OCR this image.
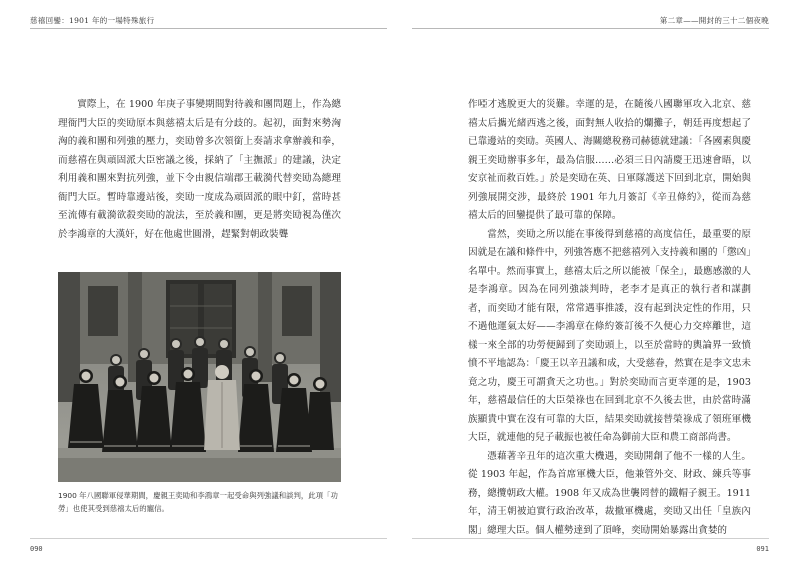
慈禧回鑾：1901 年的一場特殊旅行

實際上，在 1900 年庚子事變期間對待義和團問題上，作為總理衙門大臣的奕劻原本與慈禧太后是有分歧的。起初，面對來勢洶洶的義和團和列強的壓力，奕劻曾多次領銜上奏請求拿辦義和拳，而慈禧在與頑固派大臣密議之後，採納了「主撫派」的建議，決定利用義和團來對抗列強，並下令由親信端郡王載漪代替奕劻為總理衙門大臣。暫時靠邊站後，奕劻一度成為頑固派的眼中釘，當時甚至流傳有載漪欲殺奕劻的說法，至於義和團，更是將奕劻視為僅次於李鴻章的大漢奸，好在他處世圓滑，趕緊對朝政裝聾

1900 年八國聯軍侵華期間，慶親王奕劻和李鴻章一起受命與列強議和談判，此項「功勞」也使其受到慈禧太后的寵信。
090
第二章——開封的三十二個夜晚
091

作啞才逃脫更大的災難。幸運的是，在隨後八國聯軍攻入北京、慈禧太后攜光緒西逃之後，面對無人收拾的爛攤子，朝廷再度想起了已靠邊站的奕劻。英國人、海關總稅務司赫德就建議：「各國素與慶親王奕劻辦事多年，最為信服……必須三日內請慶王迅速會晤，以安京祉而救百姓。」於是奕劻在英、日軍隊護送下回到北京，開始與列強展開交涉，最終於 1901 年九月簽訂《辛丑條約》，從而為慈禧太后的回鑾提供了最可靠的保障。

當然，奕劻之所以能在事後得到慈禧的高度信任，最重要的原因就是在議和條件中，列強答應不把慈禧列入支持義和團的「懲凶」名單中。然而事實上，慈禧太后之所以能被「保全」，最應感激的人是李鴻章。因為在同列強談判時，老李才是真正的執行者和謀劃者，而奕劻才能有限，常常遇事推諉，沒有起到決定性的作用，只不過他運氣太好——李鴻章在條約簽訂後不久便心力交瘁離世，這樣一來全部的功勞便歸到了奕劻頭上，以至於當時的輿論界一致憤憤不平地認為：「慶王以辛丑議和成，大受慈眷，然實在是李文忠未竟之功，慶王可謂貪天之功也。」對於奕劻而言更幸運的是，1903 年，慈禧最信任的大臣榮祿也在回到北京不久後去世，由於當時滿族顯貴中實在沒有可靠的大臣，結果奕劻就接替榮祿成了領班軍機大臣，就連他的兒子載振也被任命為御前大臣和農工商部尚書。

憑藉著辛丑年的這次重大機遇，奕劻開創了他不一樣的人生。從 1903 年起，作為首席軍機大臣，他兼管外交、財政、練兵等事務，總攬朝政大權。1908 年又成為世襲罔替的鐵帽子親王。1911 年，清王朝被迫實行政治改革，裁撤軍機處，奕劻又出任「皇族內閣」總理大臣。個人權勢達到了頂峰，奕劻開始暴露出貪婪的
